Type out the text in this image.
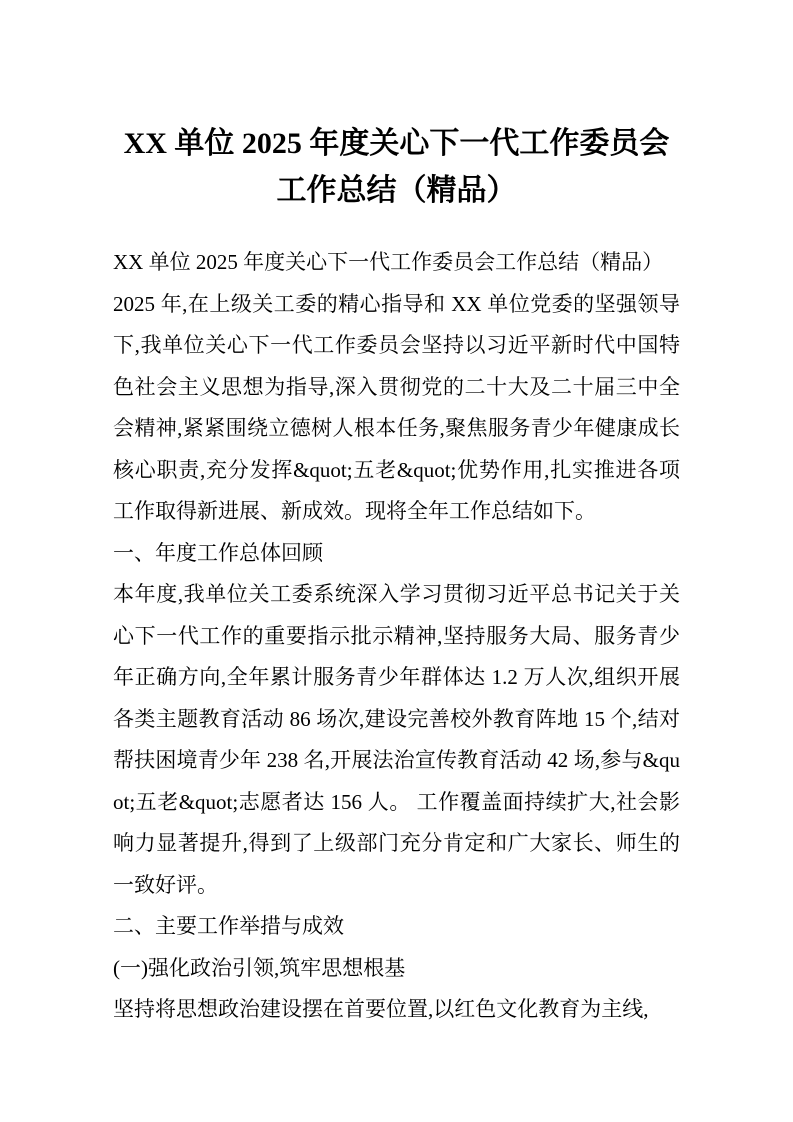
XX 单位 2025 年度关心下一代工作委员会工作总结（精品）

XX 单位 2025 年度关心下一代工作委员会工作总结（精品）

2025 年,在上级关工委的精心指导和 XX 单位党委的坚强领导下,我单位关心下一代工作委员会坚持以习近平新时代中国特色社会主义思想为指导,深入贯彻党的二十大及二十届三中全会精神,紧紧围绕立德树人根本任务,聚焦服务青少年健康成长核心职责,充分发挥&quot;五老&quot;优势作用,扎实推进各项工作取得新进展、新成效。现将全年工作总结如下。

一、年度工作总体回顾

本年度,我单位关工委系统深入学习贯彻习近平总书记关于关心下一代工作的重要指示批示精神,坚持服务大局、服务青少年正确方向,全年累计服务青少年群体达 1.2 万人次,组织开展各类主题教育活动 86 场次,建设完善校外教育阵地 15 个,结对帮扶困境青少年 238 名,开展法治宣传教育活动 42 场,参与&quot;五老&quot;志愿者达 156 人。 工作覆盖面持续扩大,社会影响力显著提升,得到了上级部门充分肯定和广大家长、师生的一致好评。

二、主要工作举措与成效

(一)强化政治引领,筑牢思想根基

坚持将思想政治建设摆在首要位置,以红色文化教育为主线,
